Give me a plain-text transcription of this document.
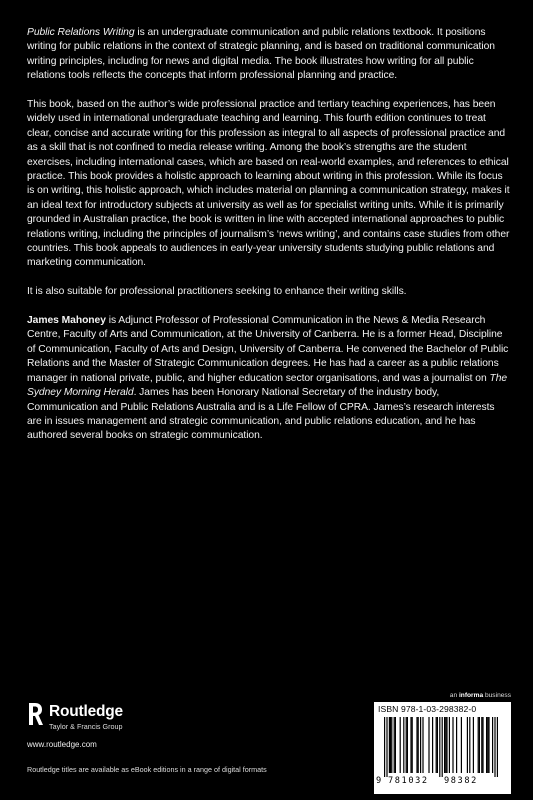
Public Relations Writing is an undergraduate communication and public relations textbook. It positions writing for public relations in the context of strategic planning, and is based on traditional communication writing principles, including for news and digital media. The book illustrates how writing for all public relations tools reflects the concepts that inform professional planning and practice.

This book, based on the author’s wide professional practice and tertiary teaching experiences, has been widely used in international undergraduate teaching and learning. This fourth edition continues to treat clear, concise and accurate writing for this profession as integral to all aspects of professional practice and as a skill that is not confined to media release writing. Among the book’s strengths are the student exercises, including international cases, which are based on real-world examples, and references to ethical practice. This book provides a holistic approach to learning about writing in this profession. While its focus is on writing, this holistic approach, which includes material on planning a communication strategy, makes it an ideal text for introductory subjects at university as well as for specialist writing units. While it is primarily grounded in Australian practice, the book is written in line with accepted international approaches to public relations writing, including the principles of journalism’s ‘news writing’, and contains case studies from other countries. This book appeals to audiences in early-year university students studying public relations and marketing communication.

It is also suitable for professional practitioners seeking to enhance their writing skills.

James Mahoney is Adjunct Professor of Professional Communication in the News & Media Research Centre, Faculty of Arts and Communication, at the University of Canberra. He is a former Head, Discipline of Communication, Faculty of Arts and Design, University of Canberra. He convened the Bachelor of Public Relations and the Master of Strategic Communication degrees. He has had a career as a public relations manager in national private, public, and higher education sector organisations, and was a journalist on The Sydney Morning Herald. James has been Honorary National Secretary of the industry body, Communication and Public Relations Australia and is a Life Fellow of CPRA. James’s research interests are in issues management and strategic communication, and public relations education, and he has authored several books on strategic communication.

Routledge
Taylor & Francis Group
www.routledge.com
Routledge titles are available as eBook editions in a range of digital formats
an informa business
ISBN 978-1-03-298382-0
9 781032 98382
